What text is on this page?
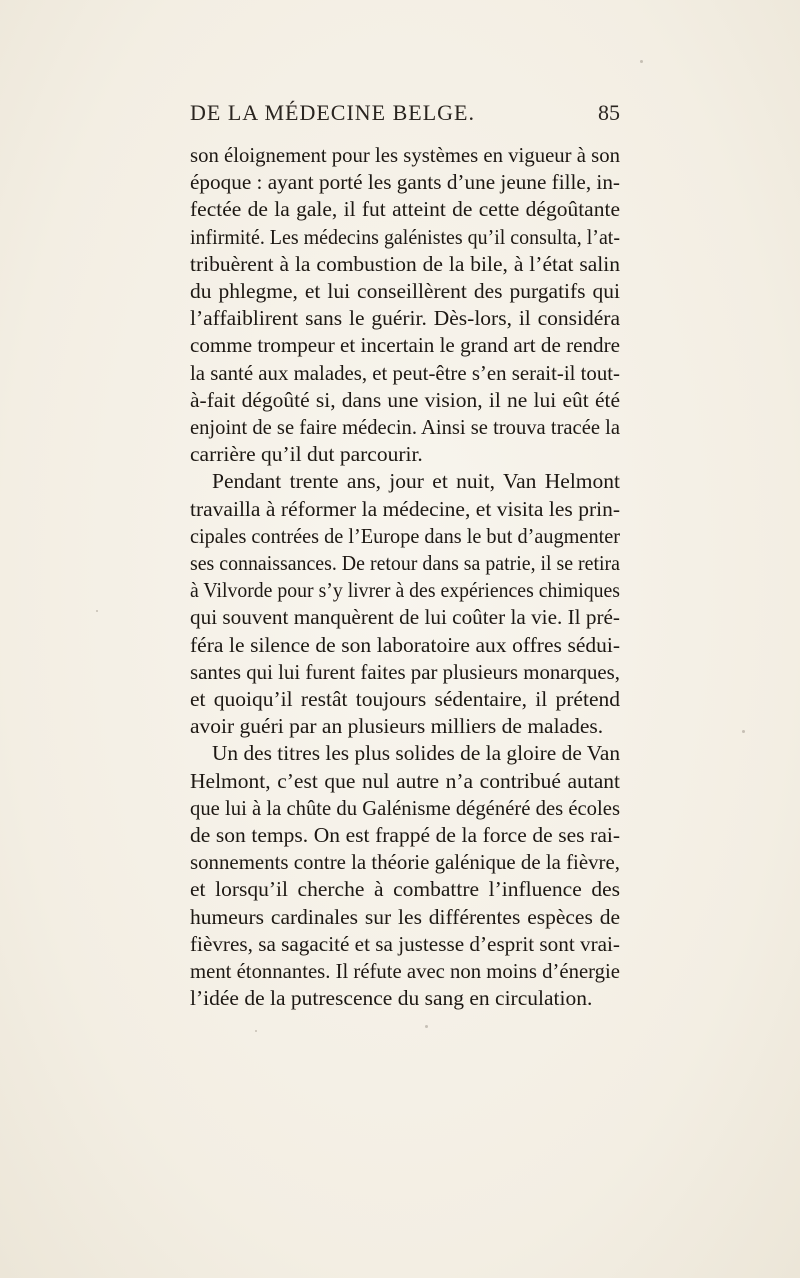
DE LA MÉDECINE BELGE.	85
son éloignement pour les systèmes en vigueur à son
époque : ayant porté les gants d’une jeune fille, in-
fectée de la gale, il fut atteint de cette dégoûtante
infirmité. Les médecins galénistes qu’il consulta, l’at-
tribuèrent à la combustion de la bile, à l’état salin
du phlegme, et lui conseillèrent des purgatifs qui
l’affaiblirent sans le guérir. Dès-lors, il considéra
comme trompeur et incertain le grand art de rendre
la santé aux malades, et peut-être s’en serait-il tout-
à-fait dégoûté si, dans une vision, il ne lui eût été
enjoint de se faire médecin. Ainsi se trouva tracée la
carrière qu’il dut parcourir.
Pendant trente ans, jour et nuit, Van Helmont
travailla à réformer la médecine, et visita les prin-
cipales contrées de l’Europe dans le but d’augmenter
ses connaissances. De retour dans sa patrie, il se retira
à Vilvorde pour s’y livrer à des expériences chimiques
qui souvent manquèrent de lui coûter la vie. Il pré-
féra le silence de son laboratoire aux offres sédui-
santes qui lui furent faites par plusieurs monarques,
et quoiqu’il restât toujours sédentaire, il prétend
avoir guéri par an plusieurs milliers de malades.
Un des titres les plus solides de la gloire de Van
Helmont, c’est que nul autre n’a contribué autant
que lui à la chûte du Galénisme dégénéré des écoles
de son temps. On est frappé de la force de ses rai-
sonnements contre la théorie galénique de la fièvre,
et lorsqu’il cherche à combattre l’influence des
humeurs cardinales sur les différentes espèces de
fièvres, sa sagacité et sa justesse d’esprit sont vrai-
ment étonnantes. Il réfute avec non moins d’énergie
l’idée de la putrescence du sang en circulation.
